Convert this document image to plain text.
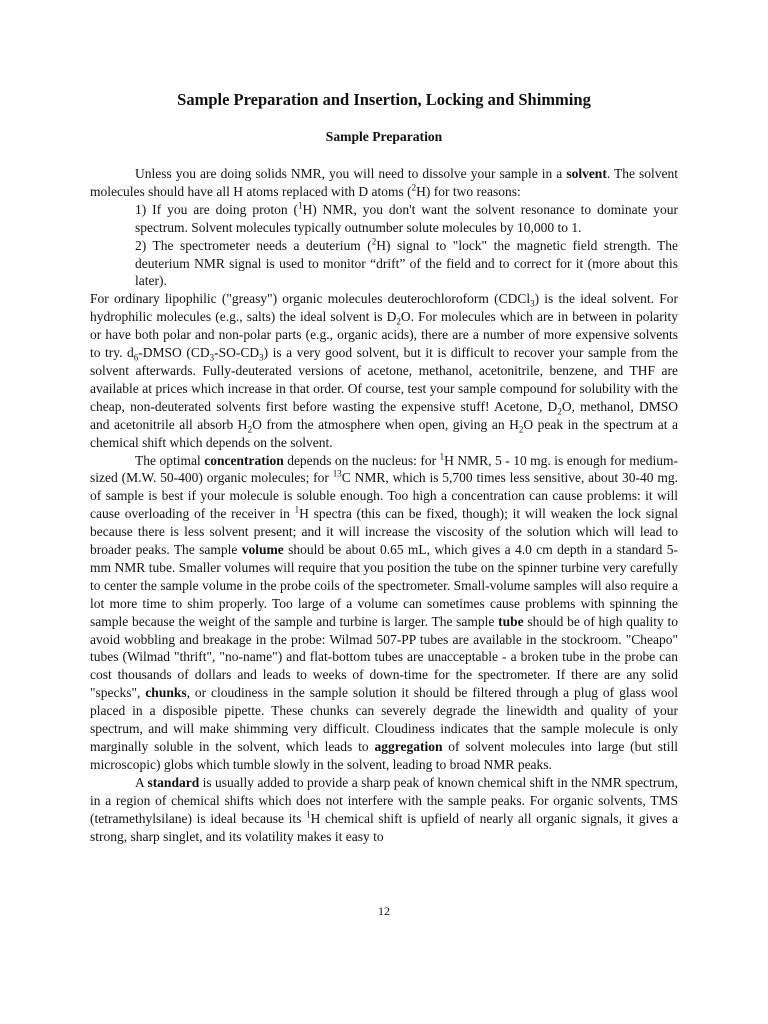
Sample Preparation and Insertion, Locking and Shimming
Sample Preparation

Unless you are doing solids NMR, you will need to dissolve your sample in a solvent. The solvent molecules should have all H atoms replaced with D atoms ($^2$H) for two reasons:

1) If you are doing proton ($^1$H) NMR, you don't want the solvent resonance to dominate your spectrum. Solvent molecules typically outnumber solute molecules by 10,000 to 1.

2) The spectrometer needs a deuterium ($^2$H) signal to "lock" the magnetic field strength. The deuterium NMR signal is used to monitor “drift” of the field and to correct for it (more about this later).

For ordinary lipophilic ("greasy") organic molecules deuterochloroform (CDCl$_3$) is the ideal solvent. For hydrophilic molecules (e.g., salts) the ideal solvent is $D_2O$. For molecules which are in between in polarity or have both polar and non-polar parts (e.g., organic acids), there are a number of more expensive solvents to try. $d_6$-DMSO $(CD_3-SO-CD_3)$ is a very good solvent, but it is difficult to recover your sample from the solvent afterwards. Fully-deuterated versions of acetone, methanol, acetonitrile, benzene, and THF are available at prices which increase in that order. Of course, test your sample compound for solubility with the cheap, non-deuterated solvents first before wasting the expensive stuff! Acetone, $D_2O$, methanol, DMSO and acetonitrile all absorb $H_2O$ from the atmosphere when open, giving an $H_2O$ peak in the spectrum at a chemical shift which depends on the solvent.

The optimal concentration depends on the nucleus: for $^1$H NMR, 5 - 10 mg. is enough for medium-sized (M.W. 50-400) organic molecules; for $^{13}$C NMR, which is 5,700 times less sensitive, about 30-40 mg. of sample is best if your molecule is soluble enough. Too high a concentration can cause problems: it will cause overloading of the receiver in $^1$H spectra (this can be fixed, though); it will weaken the lock signal because there is less solvent present; and it will increase the viscosity of the solution which will lead to broader peaks. The sample volume should be about 0.65 mL, which gives a 4.0 cm depth in a standard 5-mm NMR tube. Smaller volumes will require that you position the tube on the spinner turbine very carefully to center the sample volume in the probe coils of the spectrometer. Small-volume samples will also require a lot more time to shim properly. Too large of a volume can sometimes cause problems with spinning the sample because the weight of the sample and turbine is larger. The sample tube should be of high quality to avoid wobbling and breakage in the probe: Wilmad 507-PP tubes are available in the stockroom. "Cheapo" tubes (Wilmad "thrift", "no-name") and flat-bottom tubes are unacceptable - a broken tube in the probe can cost thousands of dollars and leads to weeks of down-time for the spectrometer. If there are any solid "specks", chunks, or cloudiness in the sample solution it should be filtered through a plug of glass wool placed in a disposible pipette. These chunks can severely degrade the linewidth and quality of your spectrum, and will make shimming very difficult. Cloudiness indicates that the sample molecule is only marginally soluble in the solvent, which leads to aggregation of solvent molecules into large (but still microscopic) globs which tumble slowly in the solvent, leading to broad NMR peaks.

A standard is usually added to provide a sharp peak of known chemical shift in the NMR spectrum, in a region of chemical shifts which does not interfere with the sample peaks. For organic solvents, TMS (tetramethylsilane) is ideal because its $^1$H chemical shift is upfield of nearly all organic signals, it gives a strong, sharp singlet, and its volatility makes it easy to

12
